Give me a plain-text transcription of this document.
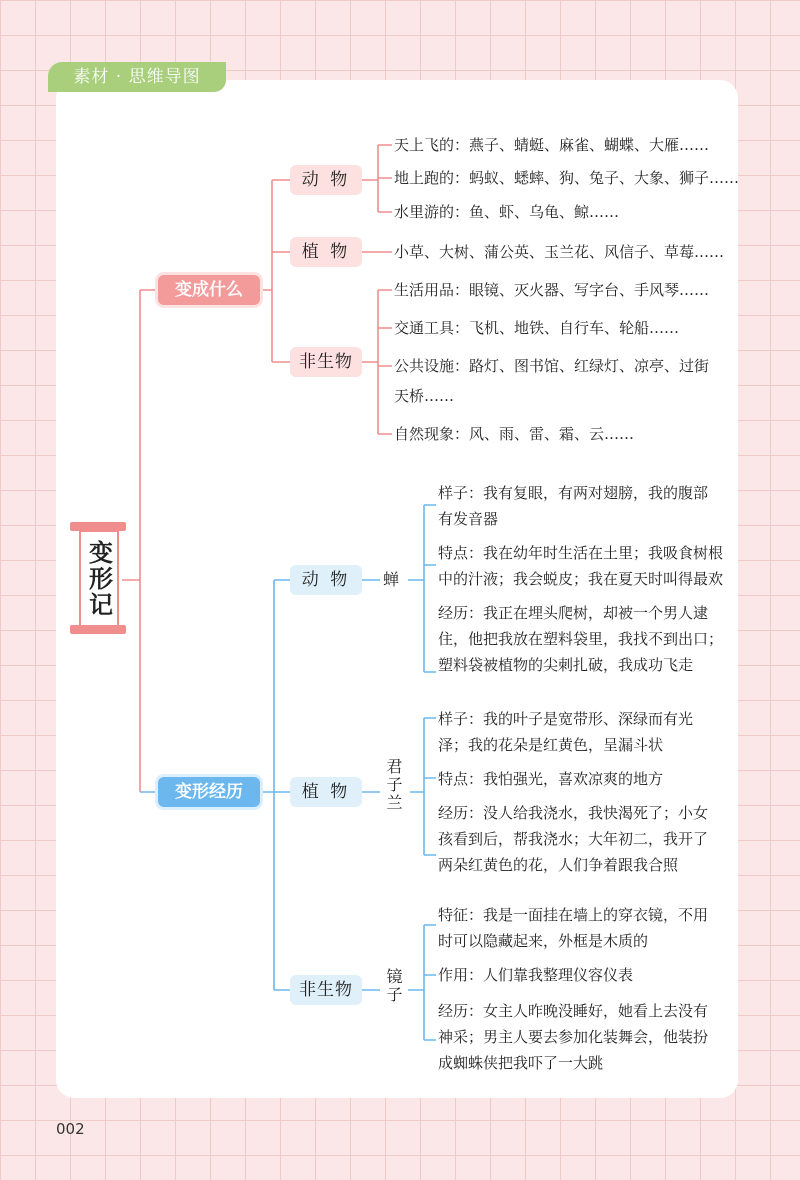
素材 · 思维导图
变形记
变成什么
动 物
天上飞的：燕子、蜻蜓、麻雀、蝴蝶、大雁……
地上跑的：蚂蚁、蟋蟀、狗、兔子、大象、狮子……
水里游的：鱼、虾、乌龟、鲸……
植 物	小草、大树、蒲公英、玉兰花、风信子、草莓……
非生物
生活用品：眼镜、灭火器、写字台、手风琴……
交通工具：飞机、地铁、自行车、轮船……
公共设施：路灯、图书馆、红绿灯、凉亭、过街
天桥……
自然现象：风、雨、雷、霜、云……
变形经历
动 物	蝉
样子：我有复眼，有两对翅膀，我的腹部
有发音器
特点：我在幼年时生活在土里；我吸食树根
中的汁液；我会蜕皮；我在夏天时叫得最欢
经历：我正在埋头爬树，却被一个男人逮
住，他把我放在塑料袋里，我找不到出口；
塑料袋被植物的尖刺扎破，我成功飞走
植 物	君子兰
样子：我的叶子是宽带形、深绿而有光
泽；我的花朵是红黄色，呈漏斗状
特点：我怕强光，喜欢凉爽的地方
经历：没人给我浇水，我快渴死了；小女
孩看到后，帮我浇水；大年初二，我开了
两朵红黄色的花，人们争着跟我合照
非生物	镜子
特征：我是一面挂在墙上的穿衣镜，不用
时可以隐藏起来，外框是木质的
作用：人们靠我整理仪容仪表
经历：女主人昨晚没睡好，她看上去没有
神采；男主人要去参加化装舞会，他装扮
成蜘蛛侠把我吓了一大跳
002
